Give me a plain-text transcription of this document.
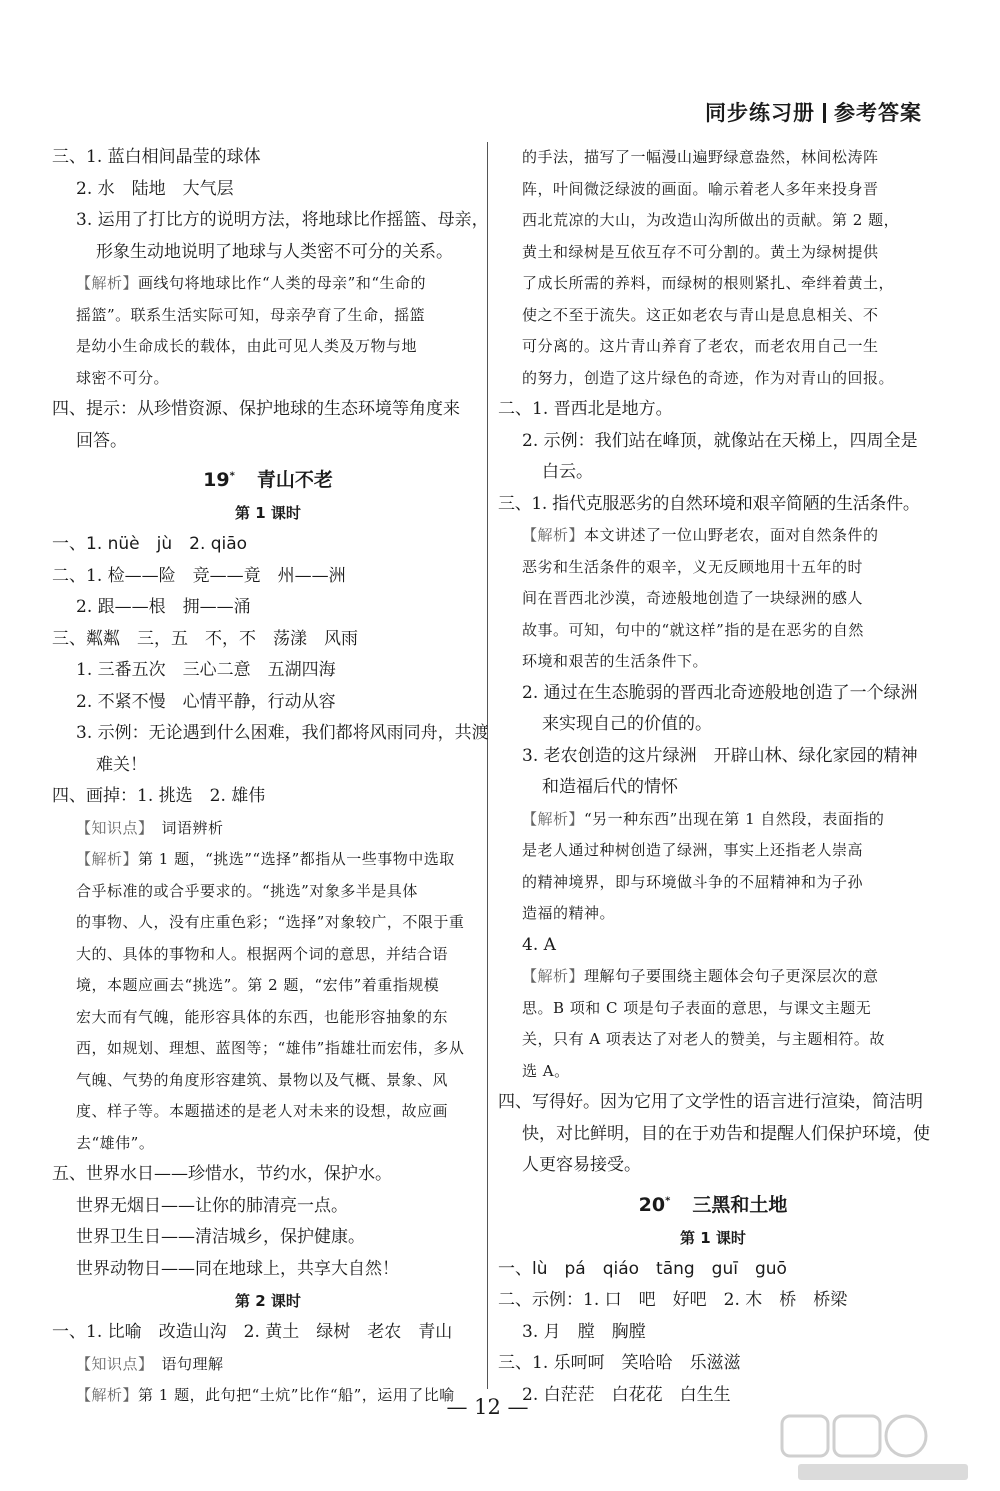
同步练习册 参考答案
三、1. 蓝白相间晶莹的球体
2. 水　陆地　大气层
3. 运用了打比方的说明方法，将地球比作摇篮、母亲，
形象生动地说明了地球与人类密不可分的关系。
【解析】画线句将地球比作“人类的母亲”和“生命的
摇篮”。联系生活实际可知，母亲孕育了生命，摇篮
是幼小生命成长的载体，由此可见人类及万物与地
球密不可分。
四、提示：从珍惜资源、保护地球的生态环境等角度来
回答。
19* 青山不老
第 1 课时
一、1. nüè　jù　2. qiāo
二、1. 检——险　竞——竟　州——洲
2. 跟——根　拥——涌
三、粼粼　三，五　不，不　荡漾　风雨
1. 三番五次　三心二意　五湖四海
2. 不紧不慢　心情平静，行动从容
3. 示例：无论遇到什么困难，我们都将风雨同舟，共渡
难关！
四、画掉：1. 挑选　2. 雄伟
【知识点】　词语辨析
【解析】第 1 题，“挑选”“选择”都指从一些事物中选取
合乎标准的或合乎要求的。“挑选”对象多半是具体
的事物、人，没有庄重色彩；“选择”对象较广，不限于重
大的、具体的事物和人。根据两个词的意思，并结合语
境，本题应画去“挑选”。第 2 题，“宏伟”着重指规模
宏大而有气魄，能形容具体的东西，也能形容抽象的东
西，如规划、理想、蓝图等；“雄伟”指雄壮而宏伟，多从
气魄、气势的角度形容建筑、景物以及气概、景象、风
度、样子等。本题描述的是老人对未来的设想，故应画
去“雄伟”。
五、世界水日——珍惜水，节约水，保护水。
世界无烟日——让你的肺清亮一点。
世界卫生日——清洁城乡，保护健康。
世界动物日——同在地球上，共享大自然！
第 2 课时
一、1. 比喻　改造山沟　2. 黄土　绿树　老农　青山
【知识点】　语句理解
【解析】第 1 题，此句把“土炕”比作“船”，运用了比喻
的手法，描写了一幅漫山遍野绿意盎然，林间松涛阵
阵，叶间微泛绿波的画面。喻示着老人多年来投身晋
西北荒凉的大山，为改造山沟所做出的贡献。第 2 题，
黄土和绿树是互依互存不可分割的。黄土为绿树提供
了成长所需的养料，而绿树的根则紧扎、牵绊着黄土，
使之不至于流失。这正如老农与青山是息息相关、不
可分离的。这片青山养育了老农，而老农用自己一生
的努力，创造了这片绿色的奇迹，作为对青山的回报。
二、1. 晋西北是地方。
2. 示例：我们站在峰顶，就像站在天梯上，四周全是
白云。
三、1. 指代克服恶劣的自然环境和艰辛简陋的生活条件。
【解析】本文讲述了一位山野老农，面对自然条件的
恶劣和生活条件的艰辛，义无反顾地用十五年的时
间在晋西北沙漠，奇迹般地创造了一块绿洲的感人
故事。可知，句中的“就这样”指的是在恶劣的自然
环境和艰苦的生活条件下。
2. 通过在生态脆弱的晋西北奇迹般地创造了一个绿洲
来实现自己的价值的。
3. 老农创造的这片绿洲　开辟山林、绿化家园的精神
和造福后代的情怀
【解析】“另一种东西”出现在第 1 自然段，表面指的
是老人通过种树创造了绿洲，事实上还指老人崇高
的精神境界，即与环境做斗争的不屈精神和为子孙
造福的精神。
4. A
【解析】理解句子要围绕主题体会句子更深层次的意
思。B 项和 C 项是句子表面的意思，与课文主题无
关，只有 A 项表达了对老人的赞美，与主题相符。故
选 A。
四、写得好。因为它用了文学性的语言进行渲染，简洁明
快，对比鲜明，目的在于劝告和提醒人们保护环境，使
人更容易接受。
20* 三黑和土地
第 1 课时
一、lù　pá　qiáo　tāng　guī　guō
二、示例：1. 口　吧　好吧　2. 木　桥　桥梁
3. 月　膛　胸膛
三、1. 乐呵呵　笑哈哈　乐滋滋
2. 白茫茫　白花花　白生生
— 12 —
